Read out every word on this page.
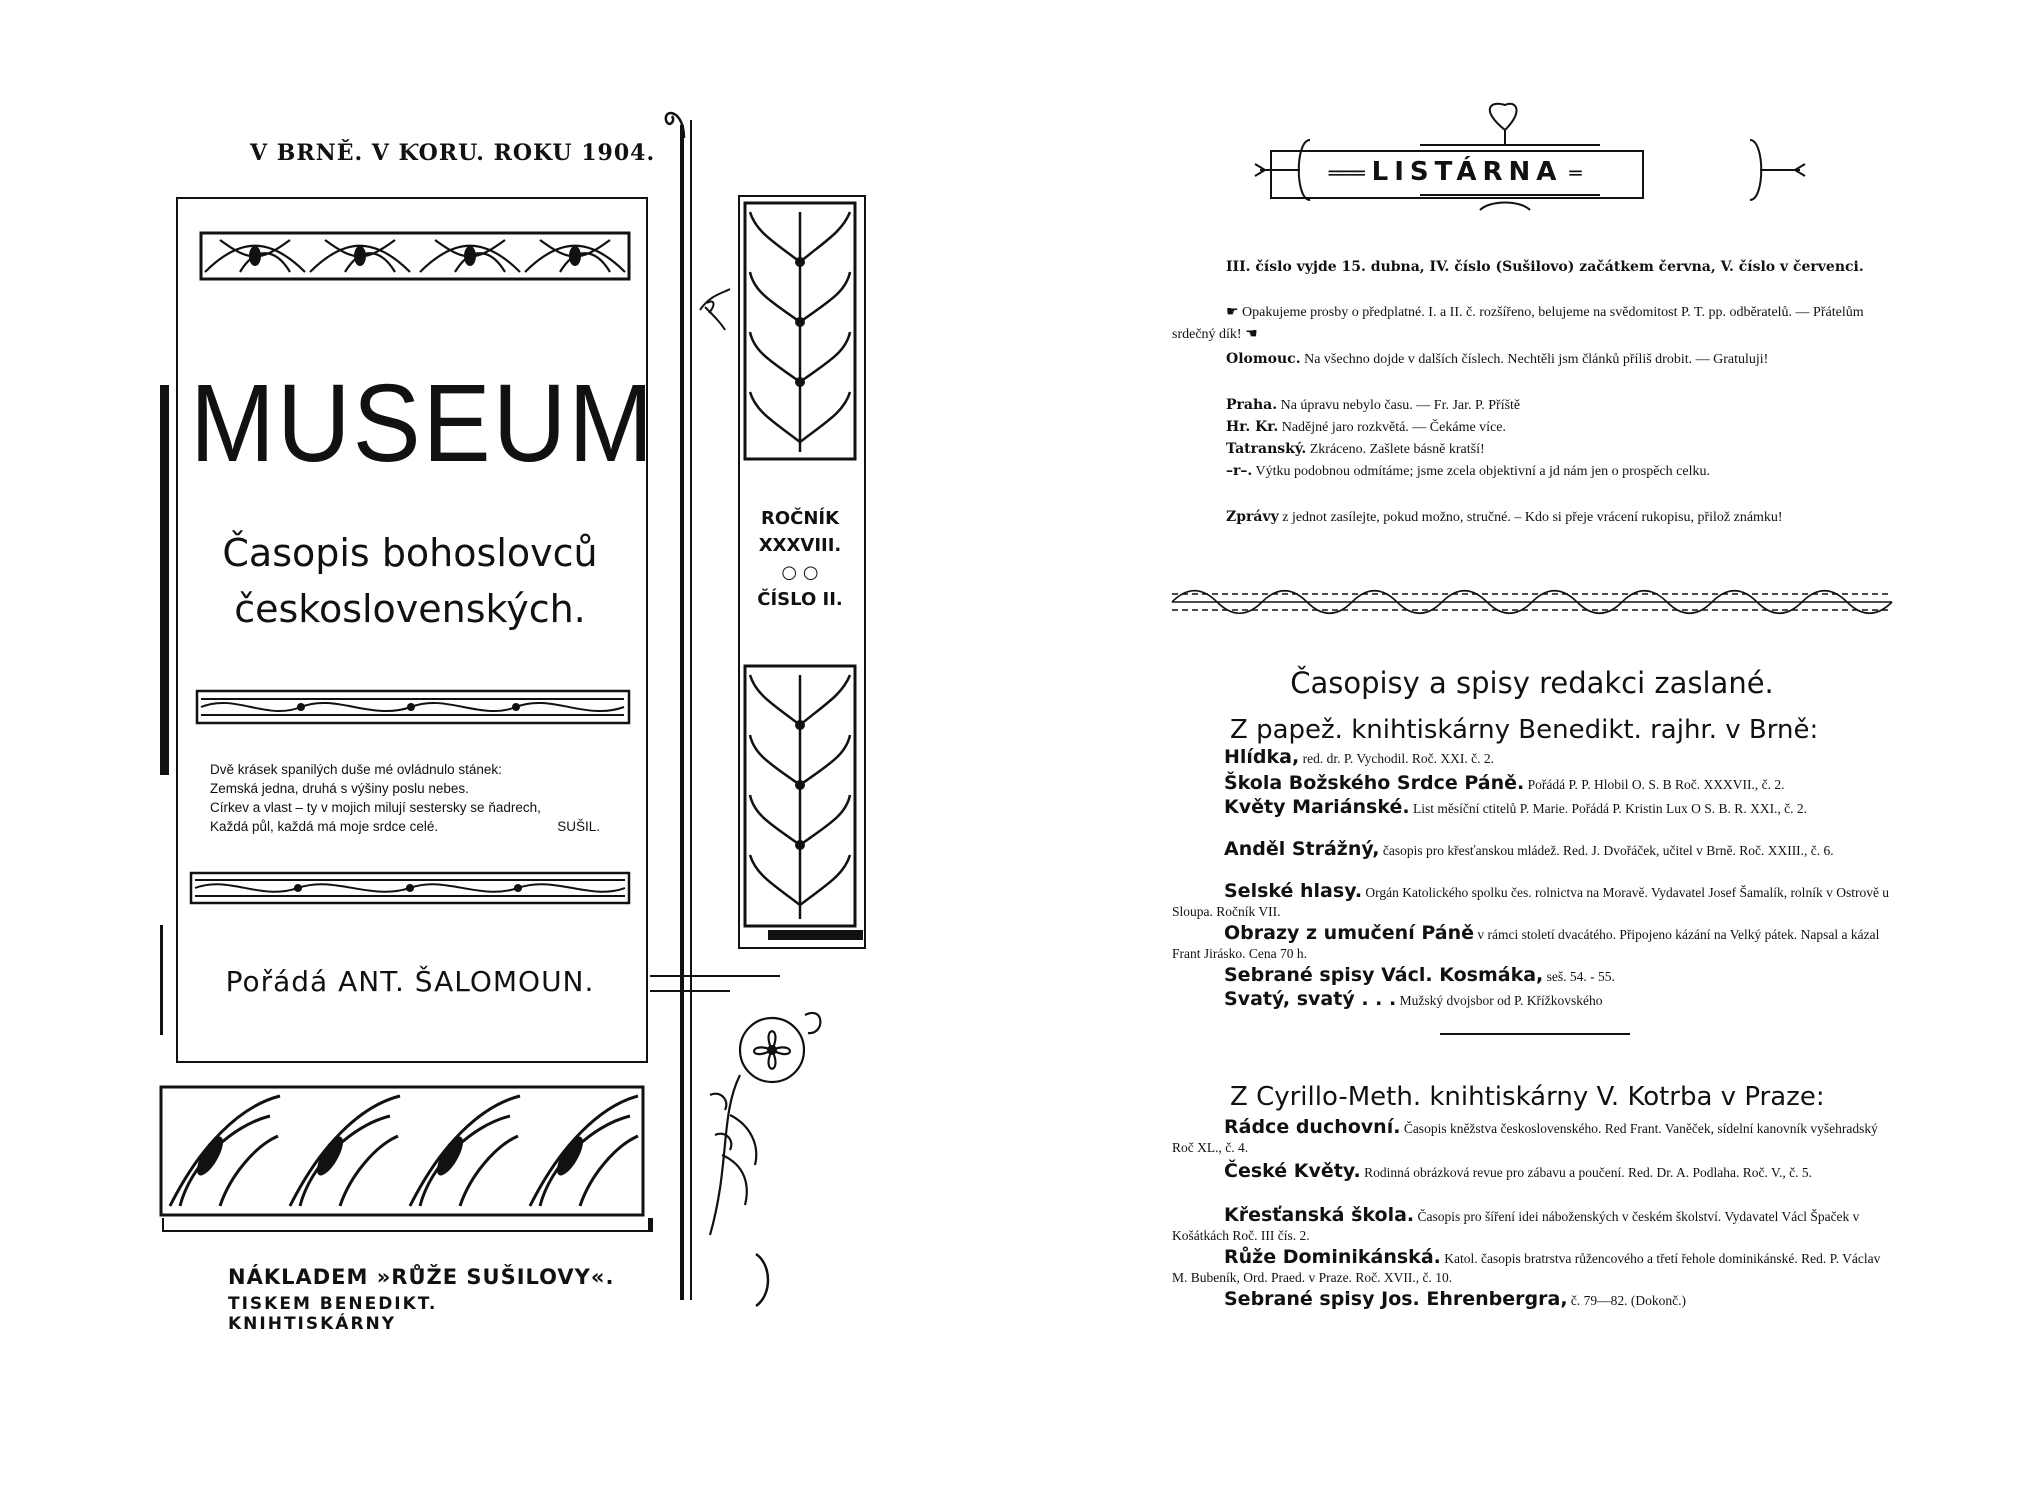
V BRNĚ. V ƘORU. ROKU 1904.
MUSEUM
Časopis bohoslovců
československých.
Dvě krásek spanilých duše mé ovládnulo stánek:
Zemská jedna, druhá s výšiny poslu nebes.
Církev a vlast – ty v mojich milují sestersky se ňadrech,
Každá půl, každá má moje srdce celé.	SUŠIL.
Pořádá ANT. ŠALOMOUN.
NÁKLADEM »RŮŽE SUŠILOVY«.
TISKEM BENEDIKT. KNIHTISKÁRNY
ROČNÍK
XXXVIII.
○ ○
ČÍSLO II.
═══ LISTÁRNA ═
III. číslo vyjde 15. dubna, IV. číslo (Sušilovo) začátkem června, V. číslo v červenci.
☛ Opakujeme prosby o předplatné. I. a II. č. rozšířeno, belujeme na svědomitost P. T. pp. odběratelů. — Přátelům srdečný dík! ☚
Olomouc. Na všechno dojde v dalších číslech. Nechtěli jsm článků příliš drobit. — Gratuluji!
Praha. Na úpravu nebylo času. — Fr. Jar. P. Příště
Hr. Kr. Nadějné jaro rozkvětá. — Čekáme více.
Tatranský. Zkráceno. Zašlete básně kratší!
–r–. Výtku podobnou odmítáme; jsme zcela objektivní a jd nám jen o prospěch celku.
Zprávy z jednot zasílejte, pokud možno, stručné. – Kdo si přeje vrácení rukopisu, přilož známku!
Časopisy a spisy redakci zaslané.
Z papež. knihtiskárny Benedikt. rajhr. v Brně:
Hlídka, red. dr. P. Vychodil. Roč. XXI. č. 2.
Škola Božského Srdce Páně. Pořádá P. P. Hlobil O. S. B Roč. XXXVII., č. 2.
Květy Mariánské. List měsíční ctitelů P. Marie. Pořádá P. Kristin Lux O S. B. R. XXI., č. 2.
Anděl Strážný, časopis pro křesťanskou mládež. Red. J. Dvořáček, učitel v Brně. Roč. XXIII., č. 6.
Selské hlasy. Orgán Katolického spolku čes. rolnictva na Moravě. Vydavatel Josef Šamalík, rolník v Ostrově u Sloupa. Ročník VII.
Obrazy z umučení Páně v rámci století dvacátého. Připojeno kázání na Velký pátek. Napsal a kázal Frant Jirásko. Cena 70 h.
Sebrané spisy Václ. Kosmáka, seš. 54. - 55.
Svatý, svatý . . . Mužský dvojsbor od P. Křížkovského
Z Cyrillo-Meth. knihtiskárny V. Kotrba v Praze:
Rádce duchovní. Časopis kněžstva československého. Red Frant. Vaněček, sídelní kanovník vyšehradský Roč XL., č. 4.
České Květy. Rodinná obrázková revue pro zábavu a poučení. Red. Dr. A. Podlaha. Roč. V., č. 5.
Křesťanská škola. Časopis pro šíření idei náboženských v českém školství. Vydavatel Václ Špaček v Košátkách Roč. III čís. 2.
Růže Dominikánská. Katol. časopis bratrstva růžencového a třetí řehole dominikánské. Red. P. Václav M. Bubeník, Ord. Praed. v Praze. Roč. XVII., č. 10.
Sebrané spisy Jos. Ehrenbergra, č. 79—82. (Dokonč.)
